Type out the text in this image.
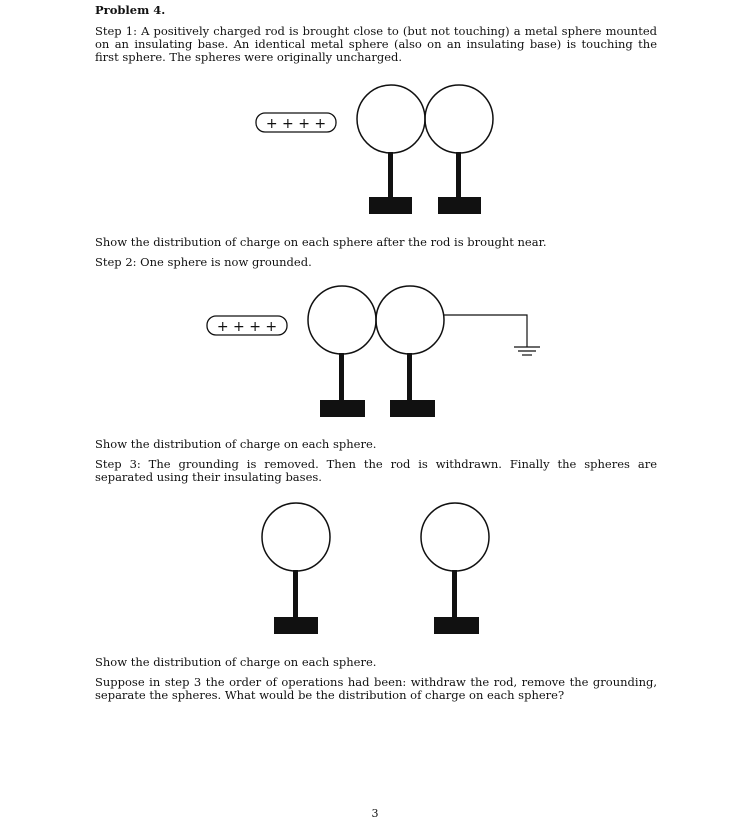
Problem 4.
Step 1: A positively charged rod is brought close to (but not touching) a metal sphere mounted on an insulating base. An identical metal sphere (also on an insulating base) is touching the first sphere. The spheres were originally uncharged.
+ + + +
Show the distribution of charge on each sphere after the rod is brought near.
Step 2: One sphere is now grounded.
+ + + +
Show the distribution of charge on each sphere.
Step 3: The grounding is removed. Then the rod is withdrawn. Finally the spheres are separated using their insulating bases.
Show the distribution of charge on each sphere.
Suppose in step 3 the order of operations had been: withdraw the rod, remove the grounding, separate the spheres. What would be the distribution of charge on each sphere?
3
